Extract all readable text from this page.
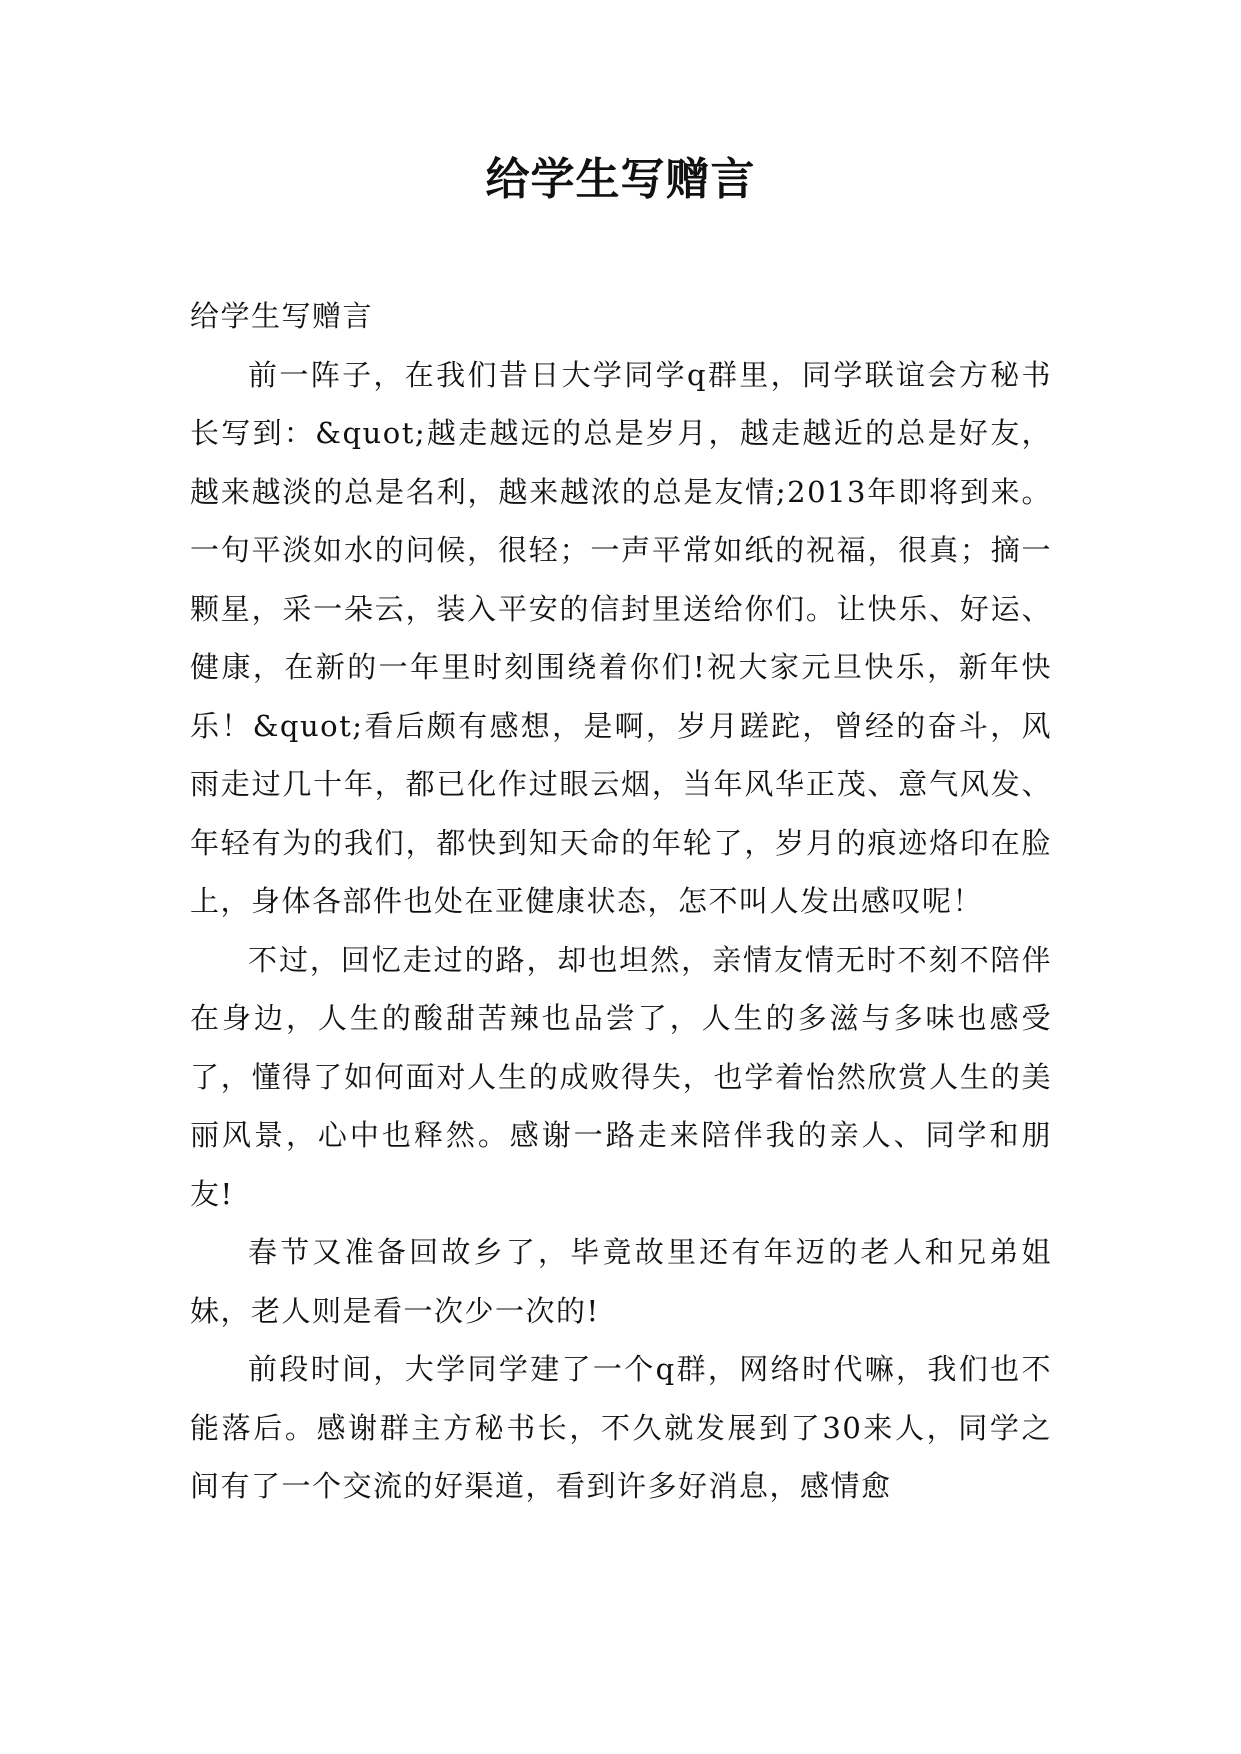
给学生写赠言

给学生写赠言

前一阵子，在我们昔日大学同学q群里，同学联谊会方秘书长写到：&quot;越走越远的总是岁月，越走越近的总是好友，越来越淡的总是名利，越来越浓的总是友情;2013年即将到来。一句平淡如水的问候，很轻；一声平常如纸的祝福，很真；摘一颗星，采一朵云，装入平安的信封里送给你们。让快乐、好运、健康，在新的一年里时刻围绕着你们!祝大家元旦快乐，新年快乐！&quot;看后颇有感想，是啊，岁月蹉跎，曾经的奋斗，风雨走过几十年，都已化作过眼云烟，当年风华正茂、意气风发、年轻有为的我们，都快到知天命的年轮了，岁月的痕迹烙印在脸上，身体各部件也处在亚健康状态，怎不叫人发出感叹呢！

不过，回忆走过的路，却也坦然，亲情友情无时不刻不陪伴在身边，人生的酸甜苦辣也品尝了，人生的多滋与多味也感受了，懂得了如何面对人生的成败得失，也学着怡然欣赏人生的美丽风景，心中也释然。感谢一路走来陪伴我的亲人、同学和朋友!

春节又准备回故乡了，毕竟故里还有年迈的老人和兄弟姐妹，老人则是看一次少一次的!

前段时间，大学同学建了一个q群，网络时代嘛，我们也不能落后。感谢群主方秘书长，不久就发展到了30来人，同学之间有了一个交流的好渠道，看到许多好消息，感情愈
